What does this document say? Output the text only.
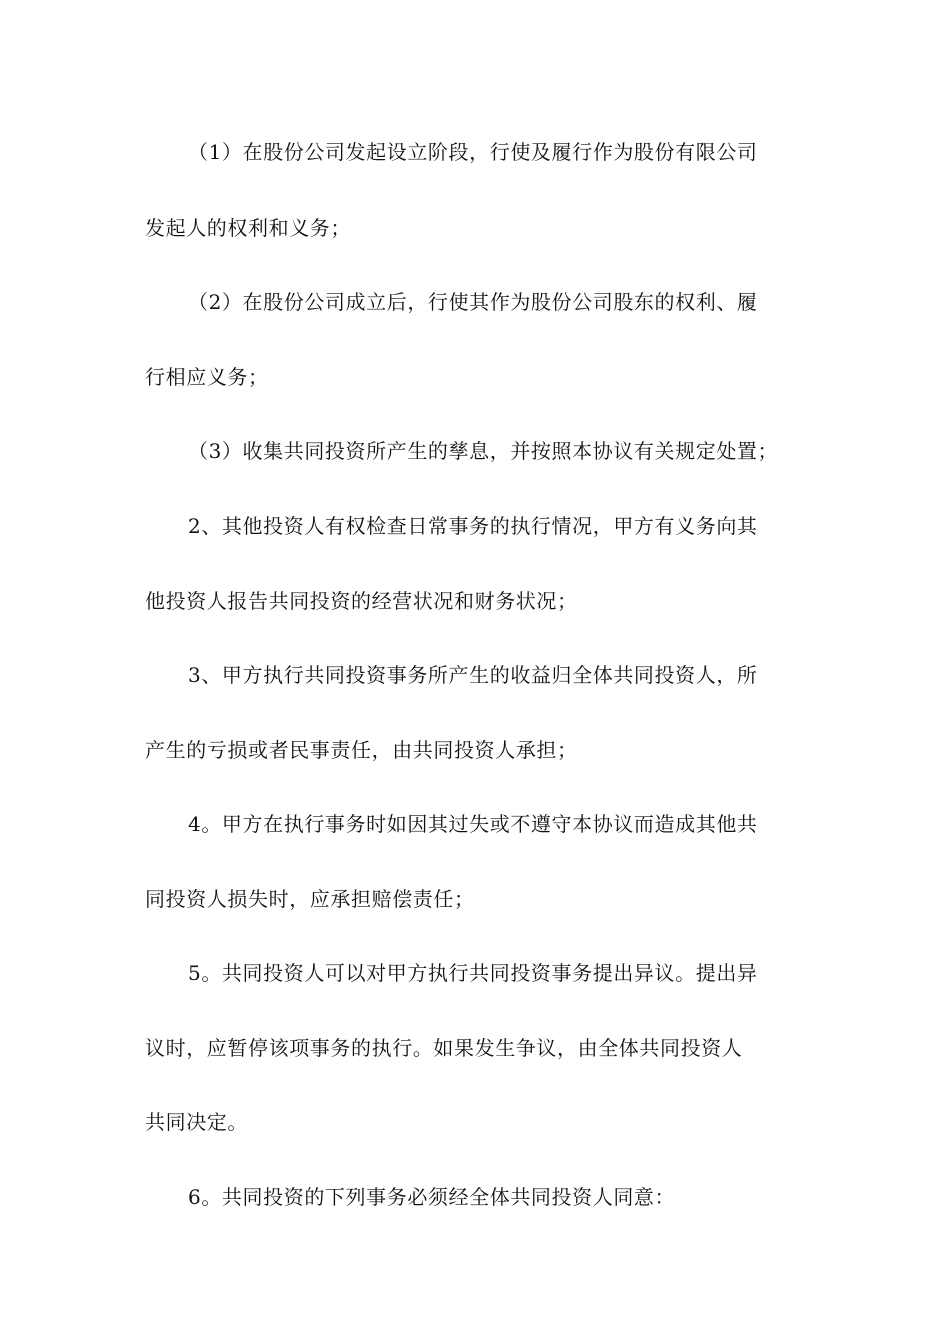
（1）在股份公司发起设立阶段，行使及履行作为股份有限公司
发起人的权利和义务；
（2）在股份公司成立后，行使其作为股份公司股东的权利、履
行相应义务；
（3）收集共同投资所产生的孳息，并按照本协议有关规定处置；
2、其他投资人有权检查日常事务的执行情况，甲方有义务向其
他投资人报告共同投资的经营状况和财务状况；
3、甲方执行共同投资事务所产生的收益归全体共同投资人，所
产生的亏损或者民事责任，由共同投资人承担；
4。甲方在执行事务时如因其过失或不遵守本协议而造成其他共
同投资人损失时，应承担赔偿责任；
5。共同投资人可以对甲方执行共同投资事务提出异议。提出异
议时，应暂停该项事务的执行。如果发生争议，由全体共同投资人
共同决定。
6。共同投资的下列事务必须经全体共同投资人同意：
